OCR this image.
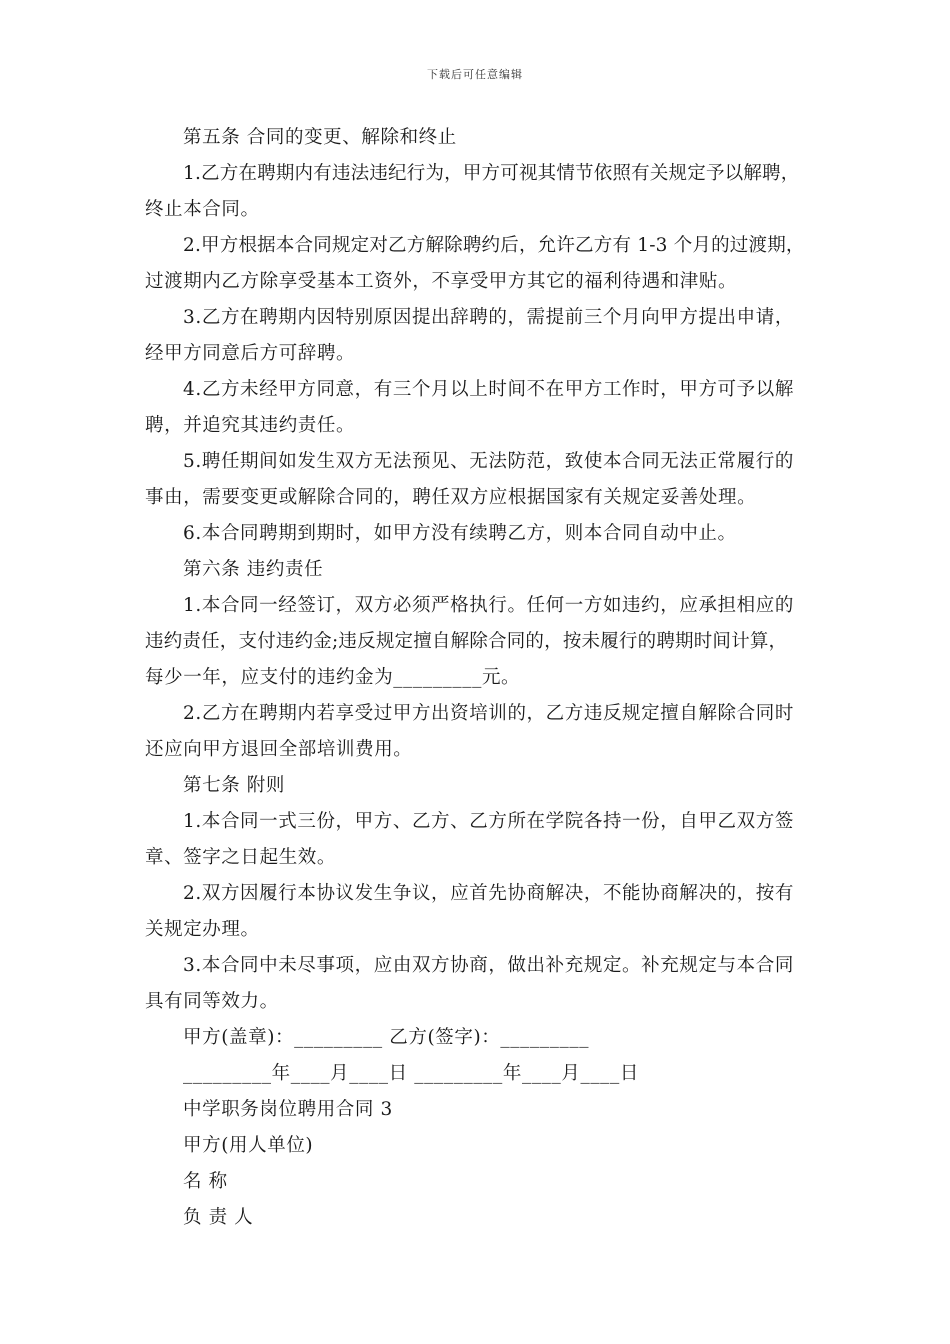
下载后可任意编辑
第五条 合同的变更、解除和终止
1.乙方在聘期内有违法违纪行为，甲方可视其情节依照有关规定予以解聘，
终止本合同。
2.甲方根据本合同规定对乙方解除聘约后，允许乙方有 1-3 个月的过渡期，
过渡期内乙方除享受基本工资外，不享受甲方其它的福利待遇和津贴。
3.乙方在聘期内因特别原因提出辞聘的，需提前三个月向甲方提出申请，
经甲方同意后方可辞聘。
4.乙方未经甲方同意，有三个月以上时间不在甲方工作时，甲方可予以解
聘，并追究其违约责任。
5.聘任期间如发生双方无法预见、无法防范，致使本合同无法正常履行的
事由，需要变更或解除合同的，聘任双方应根据国家有关规定妥善处理。
6.本合同聘期到期时，如甲方没有续聘乙方，则本合同自动中止。
第六条 违约责任
1.本合同一经签订，双方必须严格执行。任何一方如违约，应承担相应的
违约责任，支付违约金;违反规定擅自解除合同的，按未履行的聘期时间计算，
每少一年，应支付的违约金为_________元。
2.乙方在聘期内若享受过甲方出资培训的，乙方违反规定擅自解除合同时
还应向甲方退回全部培训费用。
第七条 附则
1.本合同一式三份，甲方、乙方、乙方所在学院各持一份，自甲乙双方签
章、签字之日起生效。
2.双方因履行本协议发生争议，应首先协商解决，不能协商解决的，按有
关规定办理。
3.本合同中未尽事项，应由双方协商，做出补充规定。补充规定与本合同
具有同等效力。
甲方(盖章)：_________ 乙方(签字)：_________
_________年____月____日 _________年____月____日
中学职务岗位聘用合同 3
甲方(用人单位)
名 称
负 责 人
